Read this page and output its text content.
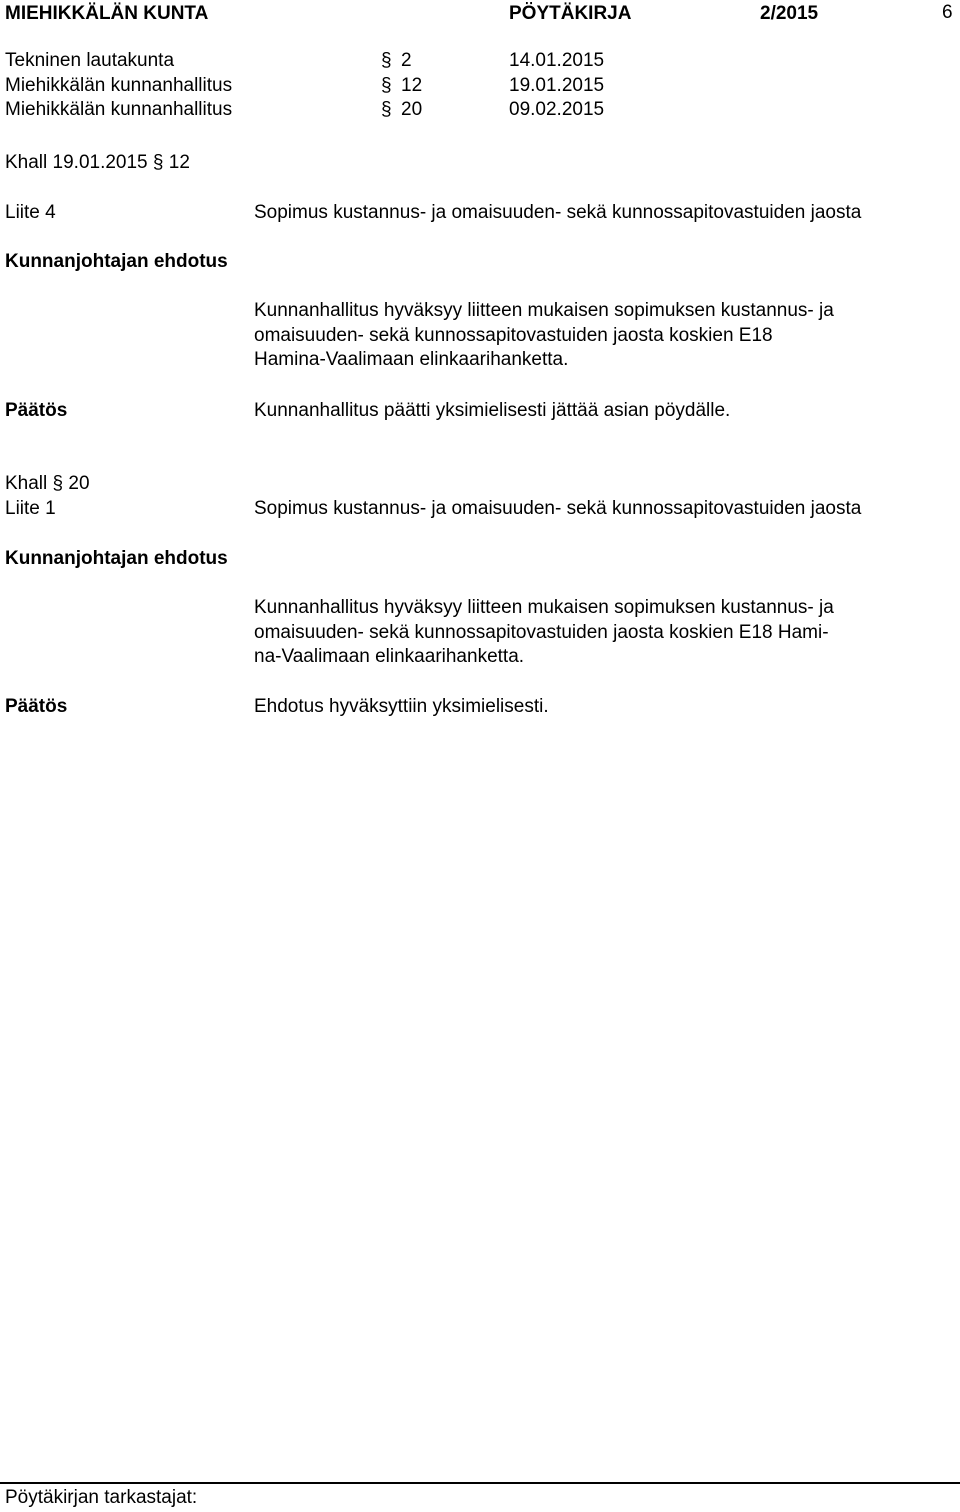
MIEHIKKÄLÄN KUNTA	PÖYTÄKIRJA	2/2015	6
Tekninen lautakunta	§ 2	14.01.2015
Miehikkälän kunnanhallitus	§ 12	19.01.2015
Miehikkälän kunnanhallitus	§ 20	09.02.2015
Khall 19.01.2015 § 12
Liite 4	Sopimus kustannus- ja omaisuuden- sekä kunnossapitovastuiden jaosta
Kunnanjohtajan ehdotus
Kunnanhallitus hyväksyy liitteen mukaisen sopimuksen kustannus- ja
omaisuuden- sekä kunnossapitovastuiden jaosta koskien E18
Hamina-Vaalimaan elinkaarihanketta.
Päätös	Kunnanhallitus päätti yksimielisesti jättää asian pöydälle.
Khall § 20
Liite 1	Sopimus kustannus- ja omaisuuden- sekä kunnossapitovastuiden jaosta
Kunnanjohtajan ehdotus
Kunnanhallitus hyväksyy liitteen mukaisen sopimuksen kustannus- ja
omaisuuden- sekä kunnossapitovastuiden jaosta koskien E18 Hami-
na-Vaalimaan elinkaarihanketta.
Päätös	Ehdotus hyväksyttiin yksimielisesti.
Pöytäkirjan tarkastajat:
